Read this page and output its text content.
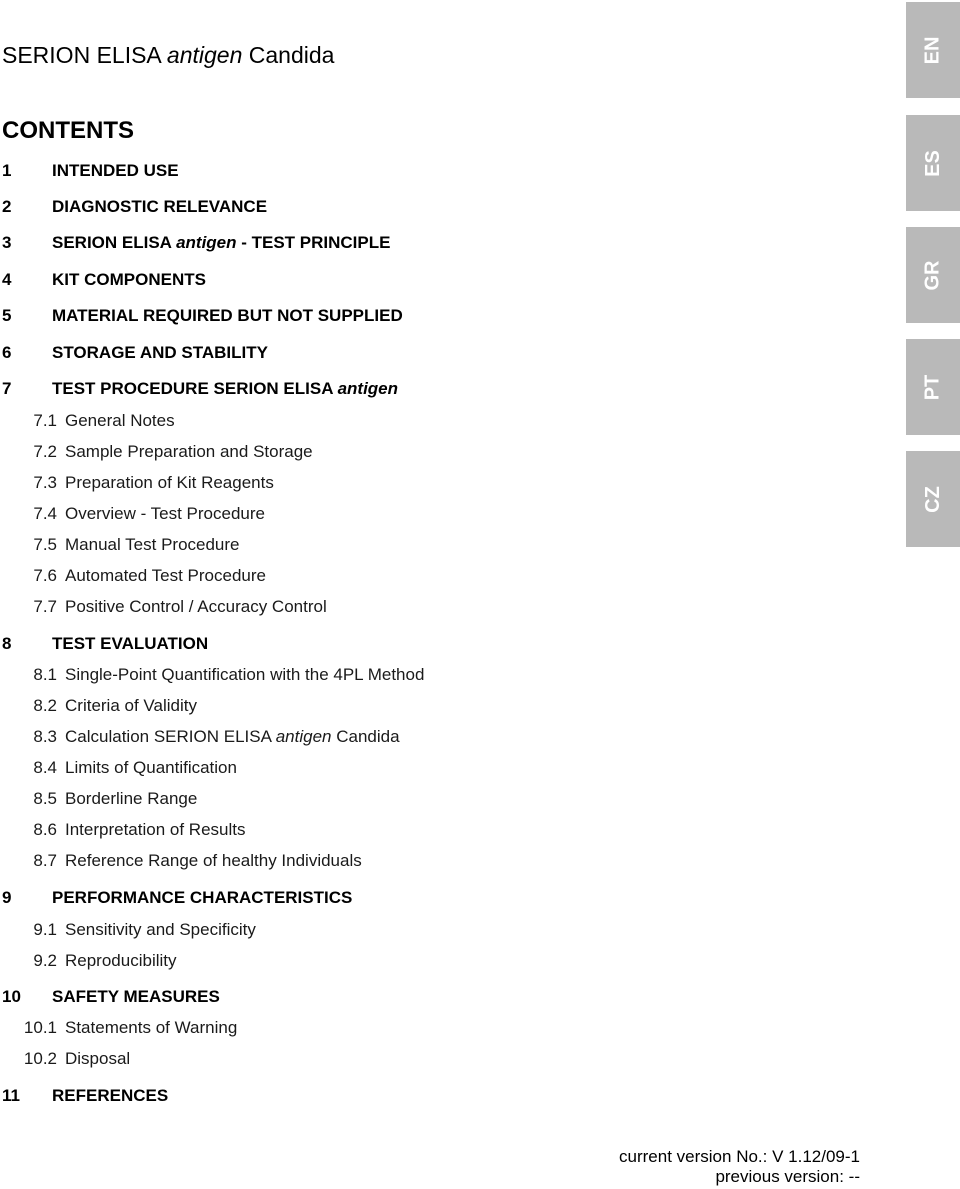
SERION ELISA antigen Candida
CONTENTS
1 INTENDED USE
2 DIAGNOSTIC RELEVANCE
3 SERION ELISA antigen - TEST PRINCIPLE
4 KIT COMPONENTS
5 MATERIAL REQUIRED BUT NOT SUPPLIED
6 STORAGE AND STABILITY
7 TEST PROCEDURE SERION ELISA antigen
7.1 General Notes
7.2 Sample Preparation and Storage
7.3 Preparation of Kit Reagents
7.4 Overview - Test Procedure
7.5 Manual Test Procedure
7.6 Automated Test Procedure
7.7 Positive Control / Accuracy Control
8 TEST EVALUATION
8.1 Single-Point Quantification with the 4PL Method
8.2 Criteria of Validity
8.3 Calculation SERION ELISA antigen Candida
8.4 Limits of Quantification
8.5 Borderline Range
8.6 Interpretation of Results
8.7 Reference Range of healthy Individuals
9 PERFORMANCE CHARACTERISTICS
9.1 Sensitivity and Specificity
9.2 Reproducibility
10 SAFETY MEASURES
10.1 Statements of Warning
10.2 Disposal
11 REFERENCES
EN
ES
GR
PT
CZ
current version No.: V 1.12/09-1
previous version: --
